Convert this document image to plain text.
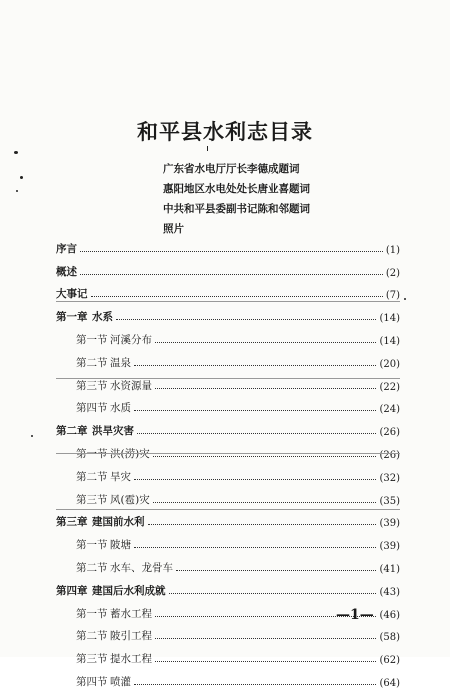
和平县水利志目录
广东省水电厅厅长李德成题词
惠阳地区水电处处长唐业喜题词
中共和平县委副书记陈和邻题词
照片
序言	(1)
概述	(2)
大事记	(7)
第一章 水系	(14)
第一节 河溪分布	(14)
第二节 温泉	(20)
第三节 水资源量	(22)
第四节 水质	(24)
第二章 洪旱灾害	(26)
第一节 洪(涝)灾	(26)
第二节 旱灾	(32)
第三节 风(雹)灾	(35)
第三章 建国前水利	(39)
第一节 陂塘	(39)
第二节 水车、龙骨车	(41)
第四章 建国后水利成就	(43)
第一节 蓄水工程	(46)
第二节 陂引工程	(58)
第三节 提水工程	(62)
第四节 喷灌	(64)
—1—
